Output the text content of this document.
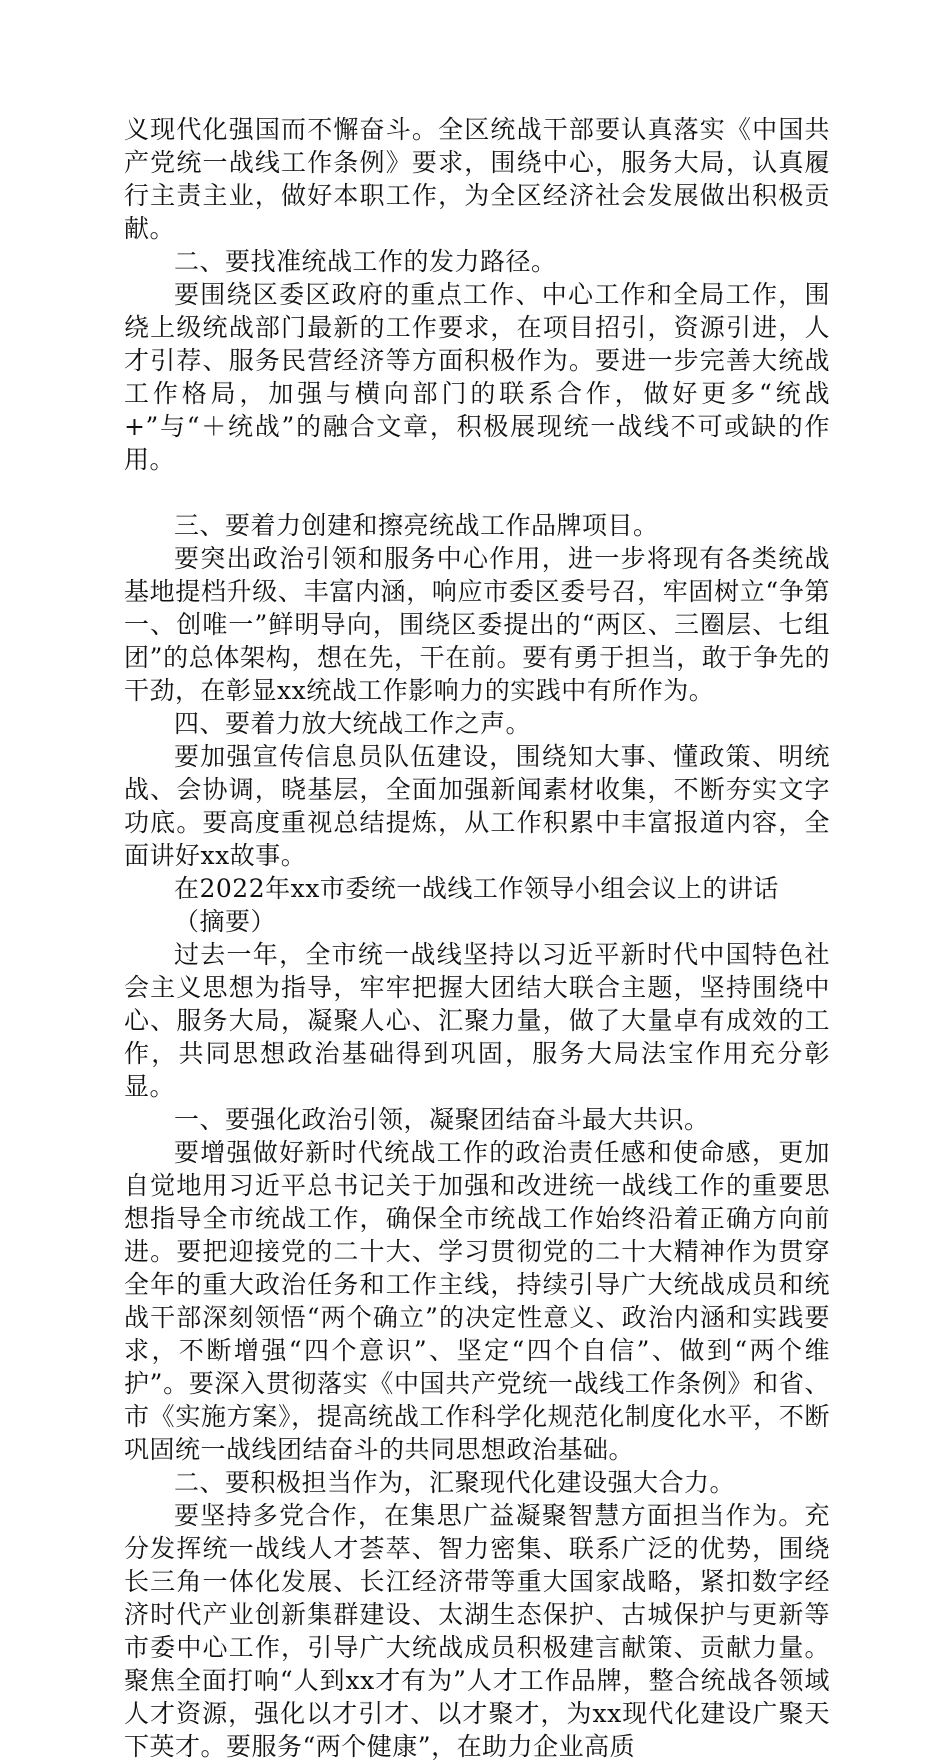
义现代化强国而不懈奋斗。全区统战干部要认真落实《中国共产党统一战线工作条例》要求，围绕中心，服务大局，认真履行主责主业，做好本职工作，为全区经济社会发展做出积极贡献。

二、要找准统战工作的发力路径。

要围绕区委区政府的重点工作、中心工作和全局工作，围绕上级统战部门最新的工作要求，在项目招引，资源引进，人才引荐、服务民营经济等方面积极作为。要进一步完善大统战工作格局，加强与横向部门的联系合作，做好更多“统战+”与“＋统战”的融合文章，积极展现统一战线不可或缺的作用。

三、要着力创建和擦亮统战工作品牌项目。

要突出政治引领和服务中心作用，进一步将现有各类统战基地提档升级、丰富内涵，响应市委区委号召，牢固树立“争第一、创唯一”鲜明导向，围绕区委提出的“两区、三圈层、七组团”的总体架构，想在先，干在前。要有勇于担当，敢于争先的干劲，在彰显xx统战工作影响力的实践中有所作为。

四、要着力放大统战工作之声。

要加强宣传信息员队伍建设，围绕知大事、懂政策、明统战、会协调，晓基层，全面加强新闻素材收集，不断夯实文字功底。要高度重视总结提炼，从工作积累中丰富报道内容，全面讲好xx故事。

在2022年xx市委统一战线工作领导小组会议上的讲话

（摘要）

过去一年，全市统一战线坚持以习近平新时代中国特色社会主义思想为指导，牢牢把握大团结大联合主题，坚持围绕中心、服务大局，凝聚人心、汇聚力量，做了大量卓有成效的工作，共同思想政治基础得到巩固，服务大局法宝作用充分彰显。

一、要强化政治引领，凝聚团结奋斗最大共识。

要增强做好新时代统战工作的政治责任感和使命感，更加自觉地用习近平总书记关于加强和改进统一战线工作的重要思想指导全市统战工作，确保全市统战工作始终沿着正确方向前进。要把迎接党的二十大、学习贯彻党的二十大精神作为贯穿全年的重大政治任务和工作主线，持续引导广大统战成员和统战干部深刻领悟“两个确立”的决定性意义、政治内涵和实践要求，不断增强“四个意识”、坚定“四个自信”、做到“两个维护”。要深入贯彻落实《中国共产党统一战线工作条例》和省、市《实施方案》，提高统战工作科学化规范化制度化水平，不断巩固统一战线团结奋斗的共同思想政治基础。

二、要积极担当作为，汇聚现代化建设强大合力。

要坚持多党合作，在集思广益凝聚智慧方面担当作为。充分发挥统一战线人才荟萃、智力密集、联系广泛的优势，围绕长三角一体化发展、长江经济带等重大国家战略，紧扣数字经济时代产业创新集群建设、太湖生态保护、古城保护与更新等市委中心工作，引导广大统战成员积极建言献策、贡献力量。聚焦全面打响“人到xx才有为”人才工作品牌，整合统战各领域人才资源，强化以才引才、以才聚才，为xx现代化建设广聚天下英才。要服务“两个健康”，在助力企业高质
